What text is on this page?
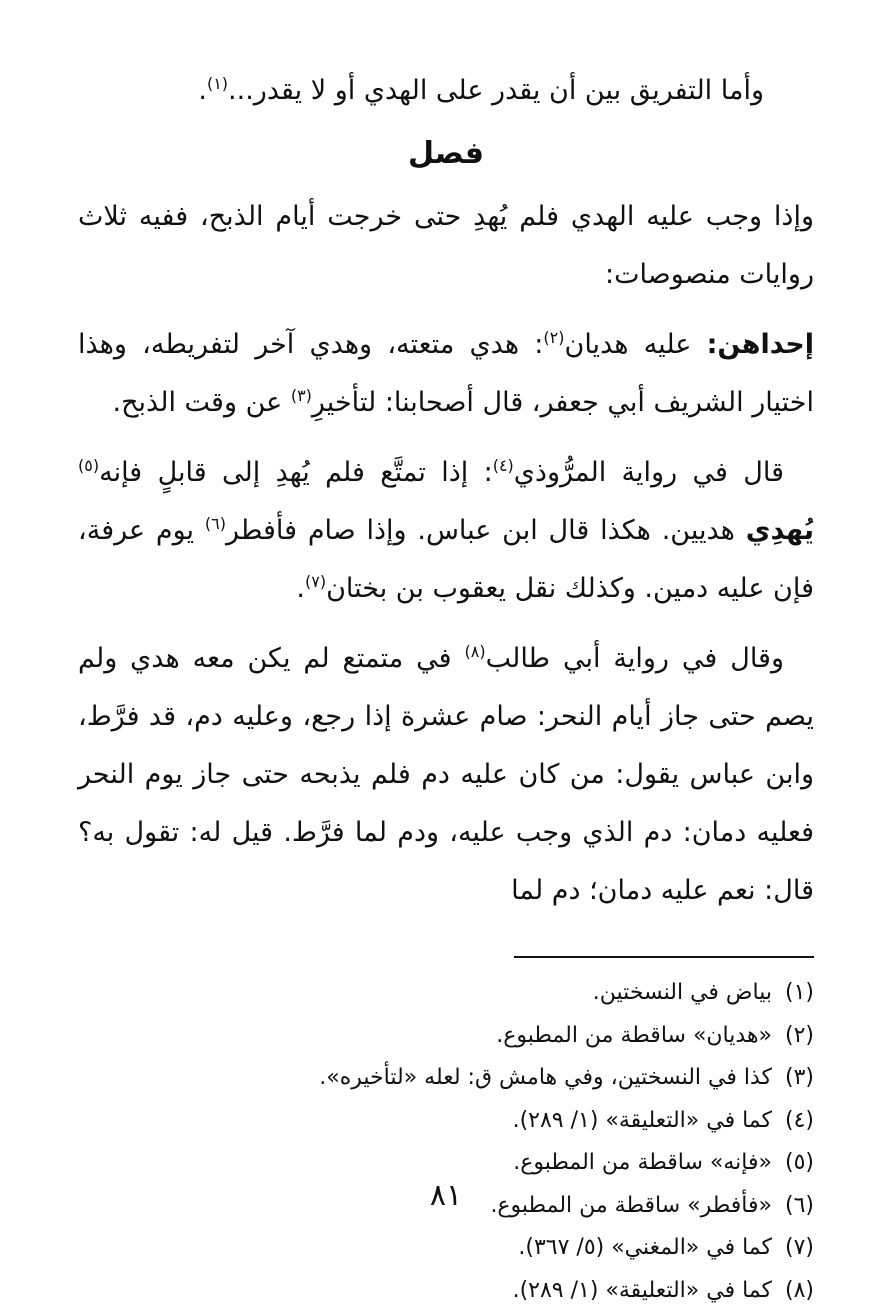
وأما التفريق بين أن يقدر على الهدي أو لا يقدر...$^{(١)}$.

فصل

وإذا وجب عليه الهدي فلم يُهدِ حتى خرجت أيام الذبح، ففيه ثلاث روايات منصوصات:

إحداهن: عليه هديان$^{(٢)}$: هدي متعته، وهدي آخر لتفريطه، وهذا اختيار الشريف أبي جعفر، قال أصحابنا: لتأخيرِ$^{(٣)}$ عن وقت الذبح.

قال في رواية المرُّوذي$^{(٤)}$: إذا تمتَّع فلم يُهدِ إلى قابلٍ فإنه$^{(٥)}$ يُهدِي هديين. هكذا قال ابن عباس. وإذا صام فأفطر$^{(٦)}$ يوم عرفة، فإن عليه دمين. وكذلك نقل يعقوب بن بختان$^{(٧)}$.

وقال في رواية أبي طالب$^{(٨)}$ في متمتع لم يكن معه هدي ولم يصم حتى جاز أيام النحر: صام عشرة إذا رجع، وعليه دم، قد فرَّط، وابن عباس يقول: من كان عليه دم فلم يذبحه حتى جاز يوم النحر فعليه دمان: دم الذي وجب عليه، ودم لما فرَّط. قيل له: تقول به؟ قال: نعم عليه دمان؛ دم لما

(١)بياض في النسختين.
(٢)«هديان» ساقطة من المطبوع.
(٣)كذا في النسختين، وفي هامش ق: لعله «لتأخيره».
(٤)كما في «التعليقة» (١/ ٢٨٩).
(٥)«فإنه» ساقطة من المطبوع.
(٦)«فأفطر» ساقطة من المطبوع.
(٧)كما في «المغني» (٥/ ٣٦٧).
(٨)كما في «التعليقة» (١/ ٢٨٩).
٨١
